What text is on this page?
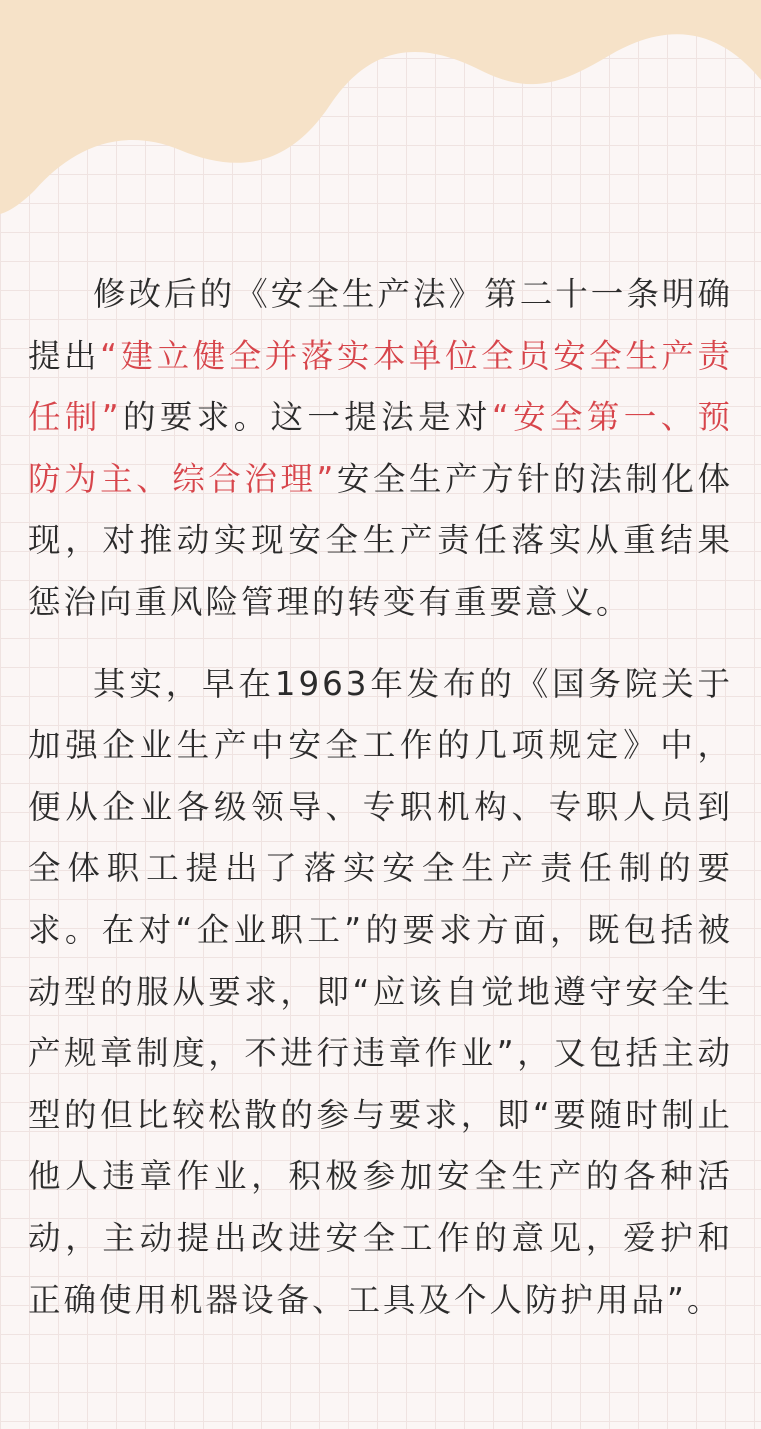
修改后的《安全生产法》第二十一条明确提出“建立健全并落实本单位全员安全生产责任制”的要求。这一提法是对“安全第一、预防为主、综合治理”安全生产方针的法制化体现，对推动实现安全生产责任落实从重结果惩治向重风险管理的转变有重要意义。

其实，早在1963年发布的《国务院关于加强企业生产中安全工作的几项规定》中，便从企业各级领导、专职机构、专职人员到全体职工提出了落实安全生产责任制的要求。在对“企业职工”的要求方面，既包括被动型的服从要求，即“应该自觉地遵守安全生产规章制度，不进行违章作业”，又包括主动型的但比较松散的参与要求，即“要随时制止他人违章作业，积极参加安全生产的各种活动，主动提出改进安全工作的意见，爱护和正确使用机器设备、工具及个人防护用品”。
